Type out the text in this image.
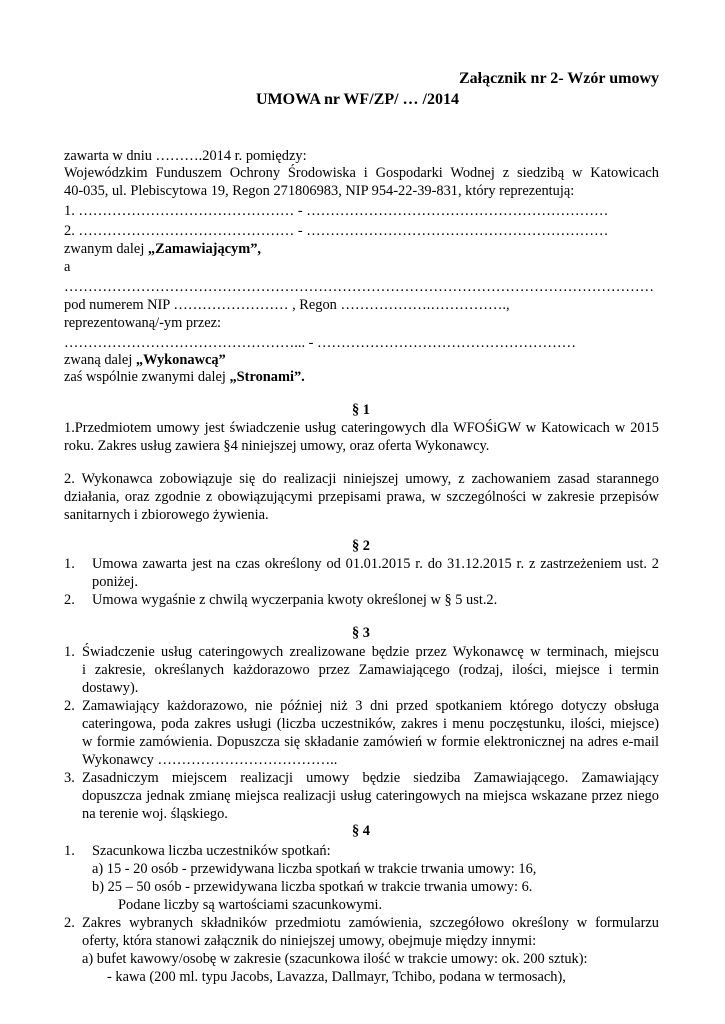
Załącznik nr 2- Wzór umowy
UMOWA nr WF/ZP/ … /2014
zawarta w dniu ……….2014 r. pomiędzy:
Wojewódzkim Funduszem Ochrony Środowiska i Gospodarki Wodnej z siedzibą w Katowicach
40-035, ul. Plebiscytowa 19, Regon 271806983, NIP 954-22-39-831, który reprezentują:
1. ……………………………………… - ………………………………………………………
2. ……………………………………… - ………………………………………………………
zwanym dalej „Zamawiającym”,
a
……………………………………………………………………………………………………………
pod numerem NIP …………………… , Regon ……………….…………….,
reprezentowaną/-ym przez:
…………………………………………... - ………………………………………………
zwaną dalej „Wykonawcą”
zaś wspólnie zwanymi dalej „Stronami”.
§ 1
1.Przedmiotem umowy jest świadczenie usług cateringowych dla WFOŚiGW w Katowicach w 2015
roku. Zakres usług zawiera §4 niniejszej umowy, oraz oferta Wykonawcy.
2. Wykonawca zobowiązuje się do realizacji niniejszej umowy, z zachowaniem zasad starannego
działania, oraz zgodnie z obowiązującymi przepisami prawa, w szczególności w zakresie przepisów
sanitarnych i zbiorowego żywienia.
§ 2
1. Umowa zawarta jest na czas określony od 01.01.2015 r. do 31.12.2015 r. z zastrzeżeniem ust. 2
poniżej.
2. Umowa wygaśnie z chwilą wyczerpania kwoty określonej w § 5 ust.2.
§ 3
1. Świadczenie usług cateringowych zrealizowane będzie przez Wykonawcę w terminach, miejscu
i zakresie, określanych każdorazowo przez Zamawiającego (rodzaj, ilości, miejsce i termin
dostawy).
2. Zamawiający każdorazowo, nie później niż 3 dni przed spotkaniem którego dotyczy obsługa
cateringowa, poda zakres usługi (liczba uczestników, zakres i menu poczęstunku, ilości, miejsce)
w formie zamówienia. Dopuszcza się składanie zamówień w formie elektronicznej na adres e-mail
Wykonawcy ………………………………..
3. Zasadniczym miejscem realizacji umowy będzie siedziba Zamawiającego. Zamawiający
dopuszcza jednak zmianę miejsca realizacji usług cateringowych na miejsca wskazane przez niego
na terenie woj. śląskiego.
§ 4
1. Szacunkowa liczba uczestników spotkań:
a) 15 - 20 osób - przewidywana liczba spotkań w trakcie trwania umowy: 16,
b) 25 – 50 osób - przewidywana liczba spotkań w trakcie trwania umowy: 6.
Podane liczby są wartościami szacunkowymi.
2. Zakres wybranych składników przedmiotu zamówienia, szczegółowo określony w formularzu
oferty, która stanowi załącznik do niniejszej umowy, obejmuje między innymi:
a) bufet kawowy/osobę w zakresie (szacunkowa ilość w trakcie umowy: ok. 200 sztuk):
- kawa (200 ml. typu Jacobs, Lavazza, Dallmayr, Tchibo, podana w termosach),
